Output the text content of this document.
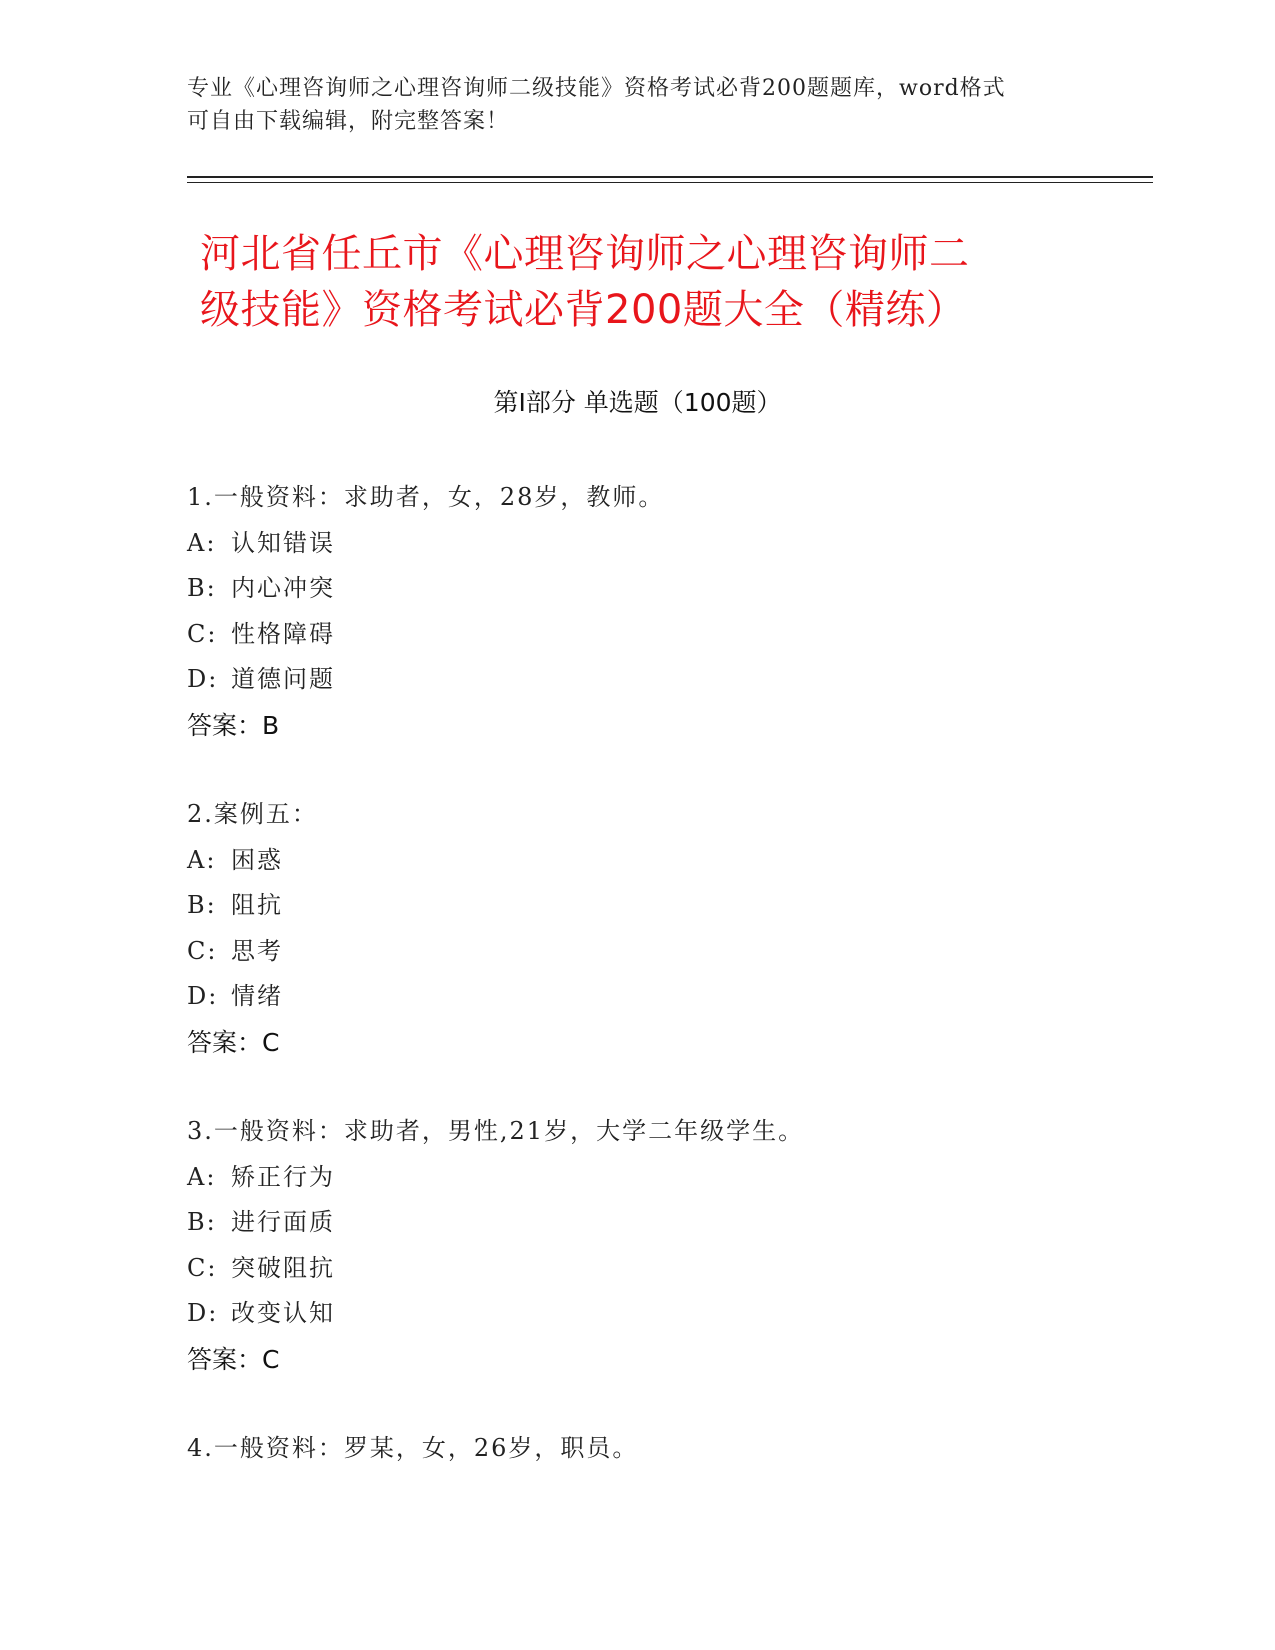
专业《心理咨询师之心理咨询师二级技能》资格考试必背200题题库，word格式
可自由下载编辑，附完整答案！
河北省任丘市《心理咨询师之心理咨询师二
级技能》资格考试必背200题大全（精练）
第Ⅰ部分 单选题（100题）
1.一般资料：求助者，女，28岁，教师。
A: 认知错误
B: 内心冲突
C: 性格障碍
D: 道德问题
答案：B
2.案例五：
A: 困惑
B: 阻抗
C: 思考
D: 情绪
答案：C
3.一般资料：求助者，男性,21岁，大学二年级学生。
A: 矫正行为
B: 进行面质
C: 突破阻抗
D: 改变认知
答案：C
4.一般资料：罗某，女，26岁，职员。
